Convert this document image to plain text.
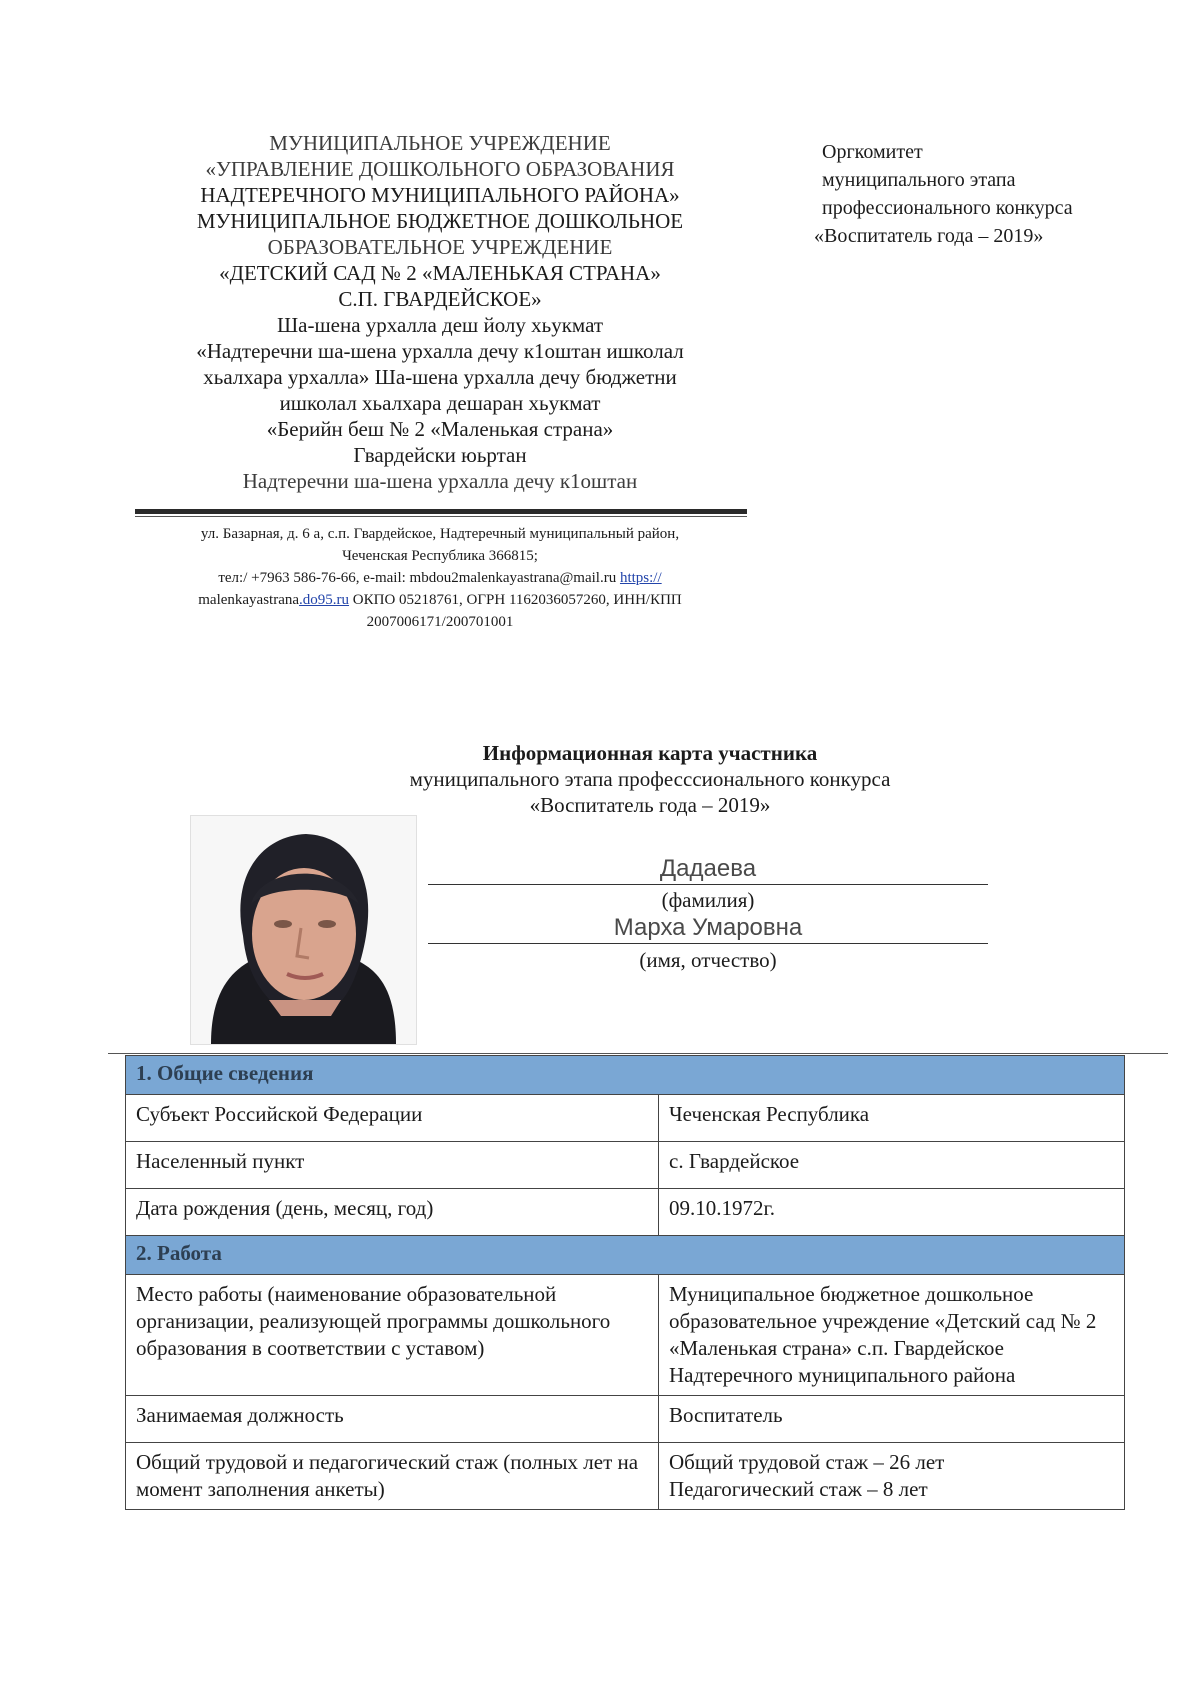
МУНИЦИПАЛЬНОЕ УЧРЕЖДЕНИЕ
«УПРАВЛЕНИЕ ДОШКОЛЬНОГО ОБРАЗОВАНИЯ
НАДТЕРЕЧНОГО МУНИЦИПАЛЬНОГО РАЙОНА»
МУНИЦИПАЛЬНОЕ БЮДЖЕТНОЕ ДОШКОЛЬНОЕ
ОБРАЗОВАТЕЛЬНОЕ УЧРЕЖДЕНИЕ
«ДЕТСКИЙ САД № 2 «МАЛЕНЬКАЯ СТРАНА»
С.П. ГВАРДЕЙСКОЕ»
Ша-шена урхалла деш йолу хьукмат
«Надтеречни ша-шена урхалла дечу к1оштан ишколал
хьалхара урхалла» Ша-шена урхалла дечу бюджетни
ишколал хьалхара дешаран хьукмат
«Берийн беш № 2 «Маленькая страна»
Гвардейски юьртан
Надтеречни ша-шена урхалла дечу к1оштан
ул. Базарная, д. 6 а, с.п. Гвардейское, Надтеречный муниципальный район,
Чеченская Республика 366815;
тел:/ +7963 586-76-66, e-mail: mbdou2malenkayastrana@mail.ru https://
malenkayastrana.do95.ru ОКПО 05218761, ОГРН 1162036057260, ИНН/КПП
2007006171/200701001
Оргкомитет
муниципального этапа
профессионального конкурса
«Воспитатель года – 2019»
Информационная карта участника
муниципального этапа професссионального конкурса
«Воспитатель года – 2019»
Дадаева
(фамилия)
Марха Умаровна
(имя, отчество)
1. Общие сведения	
Субъект Российской Федерации	Чеченская Республика
Населенный пункт	с. Гвардейское
Дата рождения (день, месяц, год)	09.10.1972г.
2. Работа	
Место работы (наименование образовательной организации, реализующей программы дошкольного образования в соответствии с уставом)	Муниципальное бюджетное дошкольное образовательное учреждение «Детский сад № 2 «Маленькая страна» с.п. Гвардейское Надтеречного муниципального района
Занимаемая должность	Воспитатель
Общий трудовой и педагогический стаж (полных лет на момент заполнения анкеты)	Общий трудовой стаж – 26 лет
Педагогический стаж – 8 лет
